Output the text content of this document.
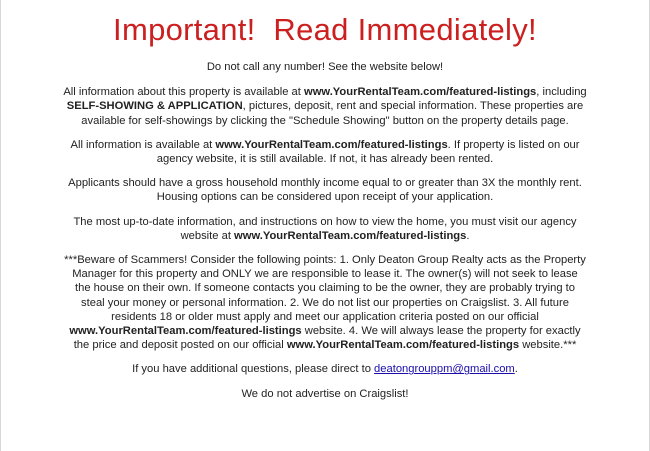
Important!  Read Immediately!

Do not call any number! See the website below!

All information about this property is available at www.YourRentalTeam.com/featured-listings, including SELF-SHOWING & APPLICATION, pictures, deposit, rent and special information. These properties are available for self-showings by clicking the "Schedule Showing" button on the property details page.

All information is available at www.YourRentalTeam.com/featured-listings. If property is listed on our agency website, it is still available. If not, it has already been rented.

Applicants should have a gross household monthly income equal to or greater than 3X the monthly rent. Housing options can be considered upon receipt of your application.

The most up-to-date information, and instructions on how to view the home, you must visit our agency website at www.YourRentalTeam.com/featured-listings.

***Beware of Scammers! Consider the following points: 1. Only Deaton Group Realty acts as the Property Manager for this property and ONLY we are responsible to lease it. The owner(s) will not seek to lease the house on their own. If someone contacts you claiming to be the owner, they are probably trying to steal your money or personal information. 2. We do not list our properties on Craigslist. 3. All future residents 18 or older must apply and meet our application criteria posted on our official www.YourRentalTeam.com/featured-listings website. 4. We will always lease the property for exactly the price and deposit posted on our official www.YourRentalTeam.com/featured-listings website.***

If you have additional questions, please direct to deatongrouppm@gmail.com.

We do not advertise on Craigslist!
